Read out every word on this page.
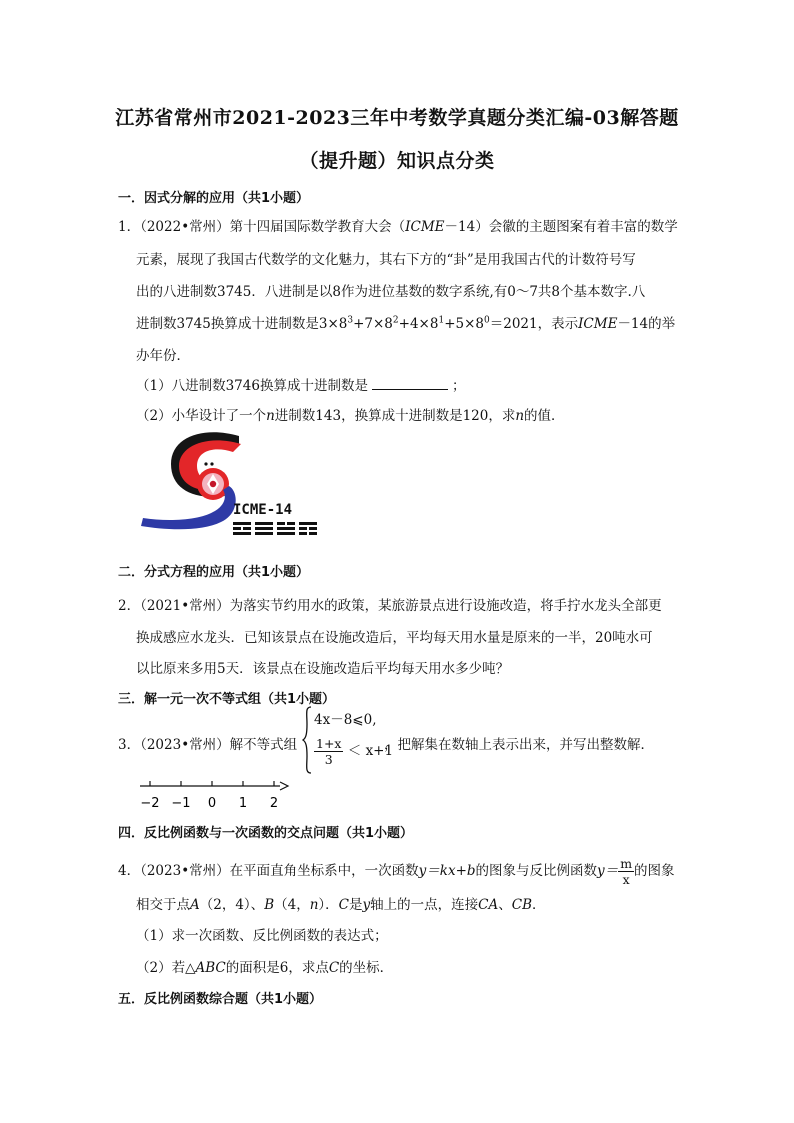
江苏省常州市2021-2023三年中考数学真题分类汇编-03解答题
（提升题）知识点分类
一．因式分解的应用（共1小题）
1．（2022•常州）第十四届国际数学教育大会（ICME－14）会徽的主题图案有着丰富的数学
元素，展现了我国古代数学的文化魅力，其右下方的“卦”是用我国古代的计数符号写
出的八进制数3745．八进制是以8作为进位基数的数字系统,有0～7共8个基本数字.八
进制数3745换算成十进制数是$3\times 8^3+7\times 8^2+4\times 8^1+5\times 8^0=2021$，表示ICME－14的举
办年份．
（1）八进制数3746换算成十进制数是	；
（2）小华设计了一个n进制数143，换算成十进制数是120，求n的值．
ICME-14
二．分式方程的应用（共1小题）
2．（2021•常州）为落实节约用水的政策，某旅游景点进行设施改造，将手拧水龙头全部更
换成感应水龙头．已知该景点在设施改造后，平均每天用水量是原来的一半，20吨水可
以比原来多用5天．该景点在设施改造后平均每天用水多少吨？
三．解一元一次不等式组（共1小题）
3．（2023•常州）解不等式组
4x－8⩽0,
$\frac{1+x}{3} < x+1$
，把解集在数轴上表示出来，并写出整数解．
−2 −1 0 1 2
四．反比例函数与一次函数的交点问题（共1小题）
4．（2023•常州）在平面直角坐标系中，一次函数y＝kx+b的图象与反比例函数$y= \frac{m}{x}$ 的图象
相交于点A（2，4）、B（4，n）．C是y轴上的一点，连接CA、CB．
（1）求一次函数、反比例函数的表达式；
（2）若△ABC的面积是6，求点C的坐标．
五．反比例函数综合题（共1小题）
